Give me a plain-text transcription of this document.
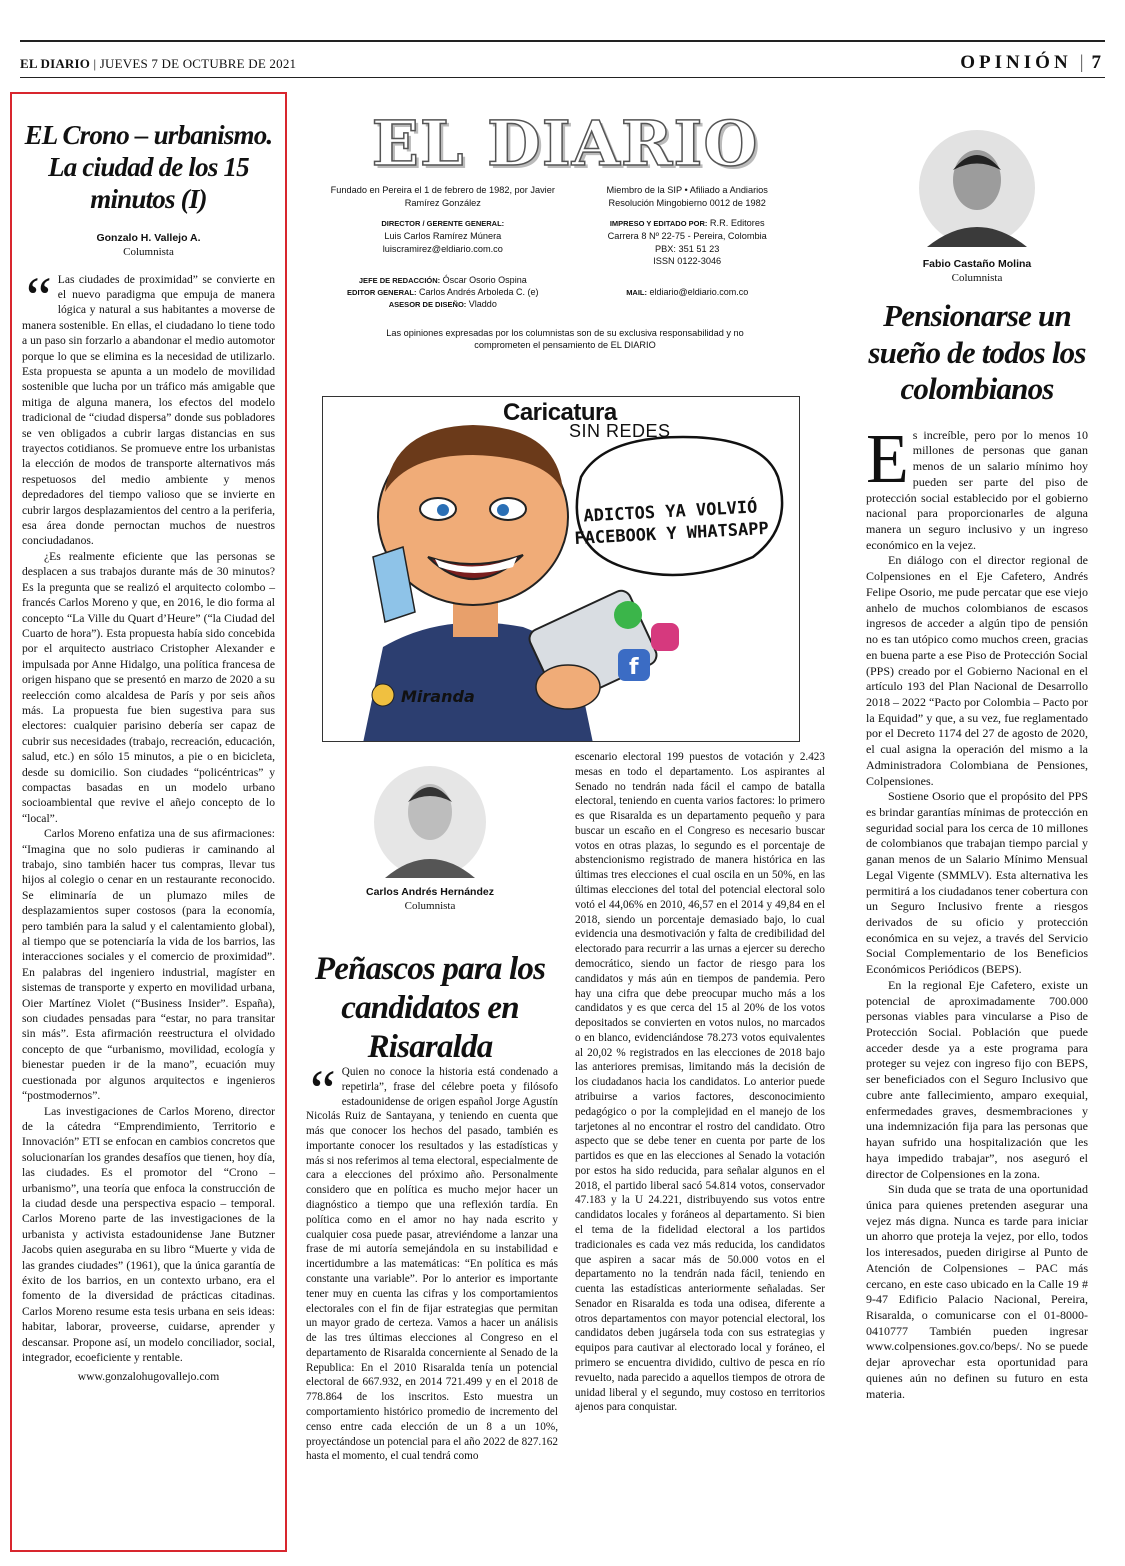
EL DIARIO | JUEVES 7 DE OCTUBRE DE 2021	OPINIÓN | 7
EL Crono – urbanismo. La ciudad de los 15 minutos (I)
Gonzalo H. Vallejo A.
Columnista

“ Las ciudades de proximidad” se convierte en el nuevo paradigma que empuja de manera lógica y natural a sus habitantes a moverse de manera sostenible. En ellas, el ciudadano lo tiene todo a un paso sin forzarlo a abandonar el medio automotor porque lo que se elimina es la necesidad de utilizarlo. Esta propuesta se apunta a un modelo de movilidad sostenible que lucha por un tráfico más amigable que mitiga de alguna manera, los efectos del modelo tradicional de “ciudad dispersa” donde sus pobladores se ven obligados a cubrir largas distancias en sus trayectos cotidianos. Se promueve entre los urbanistas la elección de modos de transporte alternativos más respetuosos del medio ambiente y menos depredadores del tiempo valioso que se invierte en cubrir largos desplazamientos del centro a la periferia, esa área donde pernoctan muchos de nuestros conciudadanos.

¿Es realmente eficiente que las personas se desplacen a sus trabajos durante más de 30 minutos? Es la pregunta que se realizó el arquitecto colombo – francés Carlos Moreno y que, en 2016, le dio forma al concepto “La Ville du Quart d’Heure” (“la Ciudad del Cuarto de hora”). Esta propuesta había sido concebida por el arquitecto austriaco Cristopher Alexander e impulsada por Anne Hidalgo, una política francesa de origen hispano que se presentó en marzo de 2020 a su reelección como alcaldesa de París y por seis años más. La propuesta fue bien sugestiva para sus electores: cualquier parisino debería ser capaz de cubrir sus necesidades (trabajo, recreación, educación, salud, etc.) en sólo 15 minutos, a pie o en bicicleta, desde su domicilio. Son ciudades “policéntricas” y compactas basadas en un modelo urbano socioambiental que revive el añejo concepto de lo “local”.

Carlos Moreno enfatiza una de sus afirmaciones: “Imagina que no solo pudieras ir caminando al trabajo, sino también hacer tus compras, llevar tus hijos al colegio o cenar en un restaurante reconocido. Se eliminaría de un plumazo miles de desplazamientos super costosos (para la economía, pero también para la salud y el calentamiento global), al tiempo que se potenciaría la vida de los barrios, las interacciones sociales y el comercio de proximidad”. En palabras del ingeniero industrial, magíster en sistemas de transporte y experto en movilidad urbana, Oier Martínez Violet (“Business Insider”. España), son ciudades pensadas para “estar, no para transitar sin más”. Esta afirmación reestructura el olvidado concepto de que “urbanismo, movilidad, ecología y bienestar pueden ir de la mano”, ecuación muy cuestionada por algunos arquitectos e ingenieros “postmodernos”.

Las investigaciones de Carlos Moreno, director de la cátedra “Emprendimiento, Territorio e Innovación” ETI se enfocan en cambios concretos que solucionarían los grandes desafíos que tienen, hoy día, las ciudades. Es el promotor del “Crono – urbanismo”, una teoría que enfoca la construcción de la ciudad desde una perspectiva espacio – temporal. Carlos Moreno parte de las investigaciones de la urbanista y activista estadounidense Jane Butzner Jacobs quien aseguraba en su libro “Muerte y vida de las grandes ciudades” (1961), que la única garantía de éxito de los barrios, en un contexto urbano, era el fomento de la diversidad de prácticas citadinas. Carlos Moreno resume esta tesis urbana en seis ideas: habitar, laborar, proveerse, cuidarse, aprender y descansar. Propone así, un modelo conciliador, social, integrador, ecoeficiente y rentable.

www.gonzalohugovallejo.com

EL DIARIO

Fundado en Pereira el 1 de febrero de 1982, por Javier Ramírez González

DIRECTOR / GERENTE GENERAL:
Luis Carlos Ramírez Múnera
luiscramirez@eldiario.com.co

Miembro de la SIP • Afiliado a Andiarios
Resolución Mingobierno 0012 de 1982

IMPRESO Y EDITADO POR: R.R. Editores
Carrera 8 Nº 22-75 - Pereira, Colombia
PBX: 351 51 23
ISSN 0122-3046

JEFE DE REDACCIÓN: Óscar Osorio Ospina
EDITOR GENERAL: Carlos Andrés Arboleda C. (e)
ASESOR DE DISEÑO: Vladdo
MAIL: eldiario@eldiario.com.co
Las opiniones expresadas por los columnistas son de su exclusiva responsabilidad y no comprometen el pensamiento de EL DIARIO
f
Caricatura
SIN REDES
ADICTOS YA VOLVIÓ FACEBOOK Y WHATSAPP
Miranda
Carlos Andrés Hernández
Columnista
Peñascos para los candidatos en Risaralda

“ Quien no conoce la historia está condenado a repetirla”, frase del célebre poeta y filósofo estadounidense de origen español Jorge Agustín Nicolás Ruiz de Santayana, y teniendo en cuenta que más que conocer los hechos del pasado, también es importante conocer los resultados y las estadísticas y más si nos referimos al tema electoral, especialmente de cara a elecciones del próximo año. Personalmente considero que en política es mucho mejor hacer un diagnóstico a tiempo que una reflexión tardía. En política como en el amor no hay nada escrito y cualquier cosa puede pasar, atreviéndome a lanzar una frase de mi autoría semejándola en su instabilidad e incertidumbre a las matemáticas: “En política es más constante una variable”. Por lo anterior es importante tener muy en cuenta las cifras y los comportamientos electorales con el fin de fijar estrategias que permitan un mayor grado de certeza. Vamos a hacer un análisis de las tres últimas elecciones al Congreso en el departamento de Risaralda concerniente al Senado de la Republica: En el 2010 Risaralda tenía un potencial electoral de 667.932, en 2014 721.499 y en el 2018 de 778.864 de los inscritos. Esto muestra un comportamiento histórico promedio de incremento del censo entre cada elección de un 8 a un 10%, proyectándose un potencial para el año 2022 de 827.162 hasta el momento, el cual tendrá como

escenario electoral 199 puestos de votación y 2.423 mesas en todo el departamento. Los aspirantes al Senado no tendrán nada fácil el campo de batalla electoral, teniendo en cuenta varios factores: lo primero es que Risaralda es un departamento pequeño y para buscar un escaño en el Congreso es necesario buscar votos en otras plazas, lo segundo es el porcentaje de abstencionismo registrado de manera histórica en las últimas tres elecciones el cual oscila en un 50%, en las últimas elecciones del total del potencial electoral solo votó el 44,06% en 2010, 46,57 en el 2014 y 49,84 en el 2018, siendo un porcentaje demasiado bajo, lo cual evidencia una desmotivación y falta de credibilidad del electorado para recurrir a las urnas a ejercer su derecho democrático, siendo un factor de riesgo para los candidatos y más aún en tiempos de pandemia. Pero hay una cifra que debe preocupar mucho más a los candidatos y es que cerca del 15 al 20% de los votos depositados se convierten en votos nulos, no marcados o en blanco, evidenciándose 78.273 votos equivalentes al 20,02 % registrados en las elecciones de 2018 bajo las anteriores premisas, limitando más la decisión de los ciudadanos hacia los candidatos. Lo anterior puede atribuirse a varios factores, desconocimiento pedagógico o por la complejidad en el manejo de los tarjetones al no encontrar el rostro del candidato. Otro aspecto que se debe tener en cuenta por parte de los partidos es que en las elecciones al Senado la votación por estos ha sido reducida, para señalar algunos en el 2018, el partido liberal sacó 54.814 votos, conservador 47.183 y la U 24.221, distribuyendo sus votos entre candidatos locales y foráneos al departamento. Si bien el tema de la fidelidad electoral a los partidos tradicionales es cada vez más reducida, los candidatos que aspiren a sacar más de 50.000 votos en el departamento no la tendrán nada fácil, teniendo en cuenta las estadísticas anteriormente señaladas. Ser Senador en Risaralda es toda una odisea, diferente a otros departamentos con mayor potencial electoral, los candidatos deben jugársela toda con sus estrategias y equipos para cautivar al electorado local y foráneo, el primero se encuentra dividido, cultivo de pesca en río revuelto, nada parecido a aquellos tiempos de otrora de unidad liberal y el segundo, muy costoso en territorios ajenos para conquistar.

Fabio Castaño Molina
Columnista
Pensionarse un sueño de todos los colombianos

Es increíble, pero por lo menos 10 millones de personas que ganan menos de un salario mínimo hoy pueden ser parte del piso de protección social establecido por el gobierno nacional para proporcionarles de alguna manera un seguro inclusivo y un ingreso económico en la vejez.

En diálogo con el director regional de Colpensiones en el Eje Cafetero, Andrés Felipe Osorio, me pude percatar que ese viejo anhelo de muchos colombianos de escasos ingresos de acceder a algún tipo de pensión no es tan utópico como muchos creen, gracias en buena parte a ese Piso de Protección Social (PPS) creado por el Gobierno Nacional en el artículo 193 del Plan Nacional de Desarrollo 2018 – 2022 “Pacto por Colombia – Pacto por la Equidad” y que, a su vez, fue reglamentado por el Decreto 1174 del 27 de agosto de 2020, el cual asigna la operación del mismo a la Administradora Colombiana de Pensiones, Colpensiones.

Sostiene Osorio que el propósito del PPS es brindar garantías mínimas de protección en seguridad social para los cerca de 10 millones de colombianos que trabajan tiempo parcial y ganan menos de un Salario Mínimo Mensual Legal Vigente (SMMLV). Esta alternativa les permitirá a los ciudadanos tener cobertura con un Seguro Inclusivo frente a riesgos derivados de su oficio y protección económica en su vejez, a través del Servicio Social Complementario de los Beneficios Económicos Periódicos (BEPS).

En la regional Eje Cafetero, existe un potencial de aproximadamente 700.000 personas viables para vincularse a Piso de Protección Social. Población que puede acceder desde ya a este programa para proteger su vejez con ingreso fijo con BEPS, ser beneficiados con el Seguro Inclusivo que cubre ante fallecimiento, amparo exequial, enfermedades graves, desmembraciones y una indemnización fija para las personas que hayan sufrido una hospitalización que les haya impedido trabajar”, nos aseguró el director de Colpensiones en la zona.

Sin duda que se trata de una oportunidad única para quienes pretenden asegurar una vejez más digna. Nunca es tarde para iniciar un ahorro que proteja la vejez, por ello, todos los interesados, pueden dirigirse al Punto de Atención de Colpensiones – PAC más cercano, en este caso ubicado en la Calle 19 # 9-47 Edificio Palacio Nacional, Pereira, Risaralda, o comunicarse con el 01-8000-0410777 También pueden ingresar www.colpensiones.gov.co/beps/. No se puede dejar aprovechar esta oportunidad para quienes aún no definen su futuro en esta materia.
